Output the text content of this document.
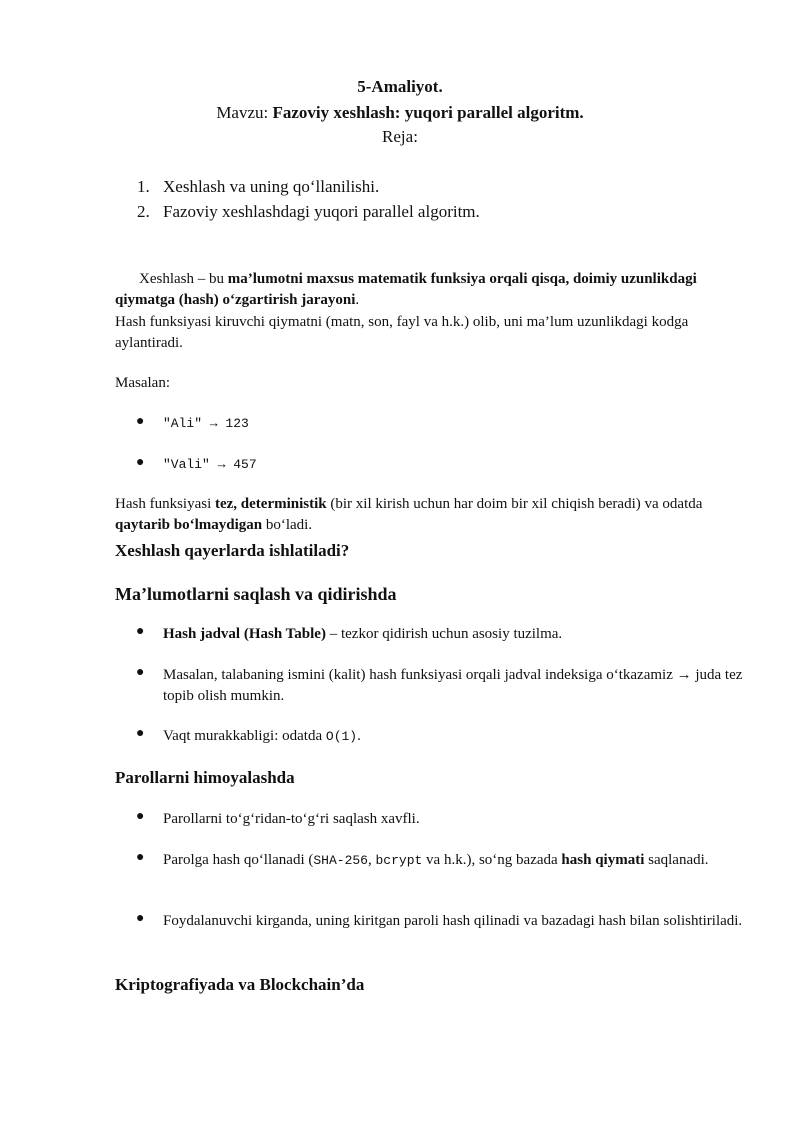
5-Amaliyot.
Mavzu: Fazoviy xeshlash: yuqori parallel algoritm.
Reja:
1. Xeshlash va uning qo‘llanilishi.
2. Fazoviy xeshlashdagi yuqori parallel algoritm.
Xeshlash – bu ma’lumotni maxsus matematik funksiya orqali qisqa, doimiy uzunlikdagi qiymatga (hash) o‘zgartirish jarayoni.
Hash funksiyasi kiruvchi qiymatni (matn, son, fayl va h.k.) olib, uni ma’lum uzunlikdagi kodga aylantiradi.
Masalan:
● "Ali" → 123
● "Vali" → 457
Hash funksiyasi tez, deterministik (bir xil kirish uchun har doim bir xil chiqish beradi) va odatda qaytarib bo‘lmaydigan bo‘ladi.
Xeshlash qayerlarda ishlatiladi?
Ma’lumotlarni saqlash va qidirishda
● Hash jadval (Hash Table) – tezkor qidirish uchun asosiy tuzilma.
● Masalan, talabaning ismini (kalit) hash funksiyasi orqali jadval indeksiga o‘tkazamiz → juda tez topib olish mumkin.
● Vaqt murakkabligi: odatda O(1).
Parollarni himoyalashda
● Parollarni to‘g‘ridan-to‘g‘ri saqlash xavfli.
● Parolga hash qo‘llanadi (SHA-256, bcrypt va h.k.), so‘ng bazada hash qiymati saqlanadi.
● Foydalanuvchi kirganda, uning kiritgan paroli hash qilinadi va bazadagi hash bilan solishtiriladi.
Kriptografiyada va Blockchain’da
